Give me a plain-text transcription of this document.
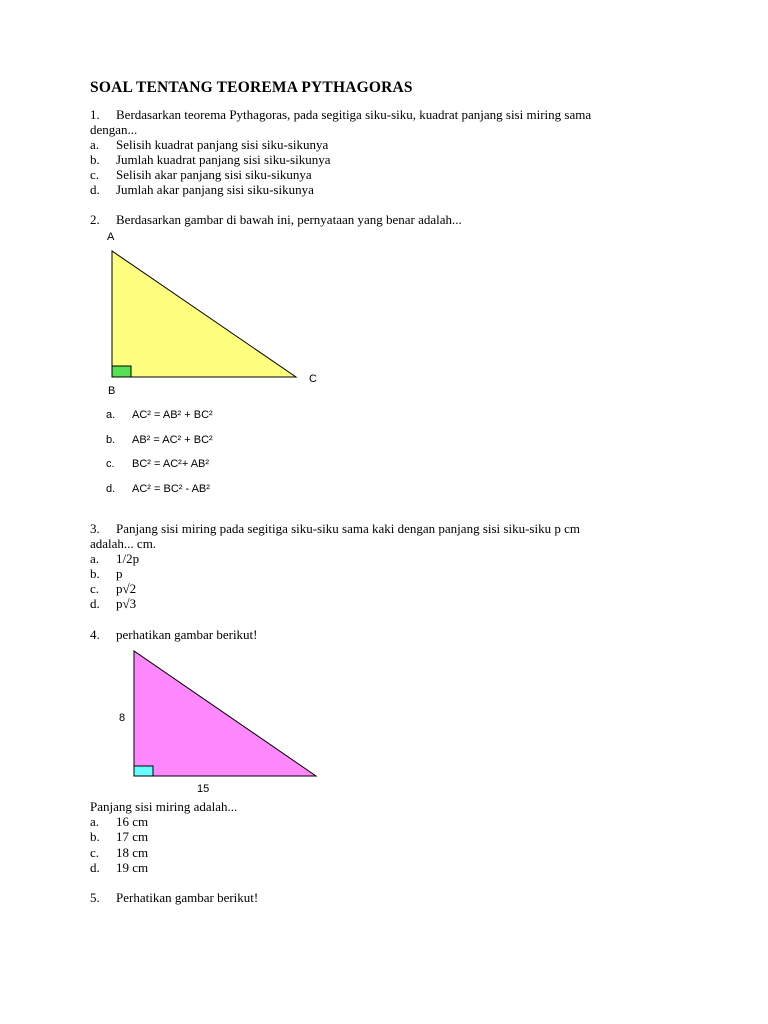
SOAL TENTANG TEOREMA PYTHAGORAS
1. Berdasarkan teorema Pythagoras, pada segitiga siku-siku, kuadrat panjang sisi miring sama
dengan...
a. Selisih kuadrat panjang sisi siku-sikunya
b. Jumlah kuadrat panjang sisi siku-sikunya
c. Selisih akar panjang sisi siku-sikunya
d. Jumlah akar panjang sisi siku-sikunya
2. Berdasarkan gambar di bawah ini, pernyataan yang benar adalah...
A
B
C
a. AC² = AB² + BC²
b. AB² = AC² + BC²
c. BC² = AC²+ AB²
d. AC² = BC² - AB²
3. Panjang sisi miring pada segitiga siku-siku sama kaki dengan panjang sisi siku-siku p cm
adalah... cm.
a. 1/2p
b. p
c. p√2
d. p√3
4. perhatikan gambar berikut!
8
15
Panjang sisi miring adalah...
a. 16 cm
b. 17 cm
c. 18 cm
d. 19 cm
5. Perhatikan gambar berikut!
